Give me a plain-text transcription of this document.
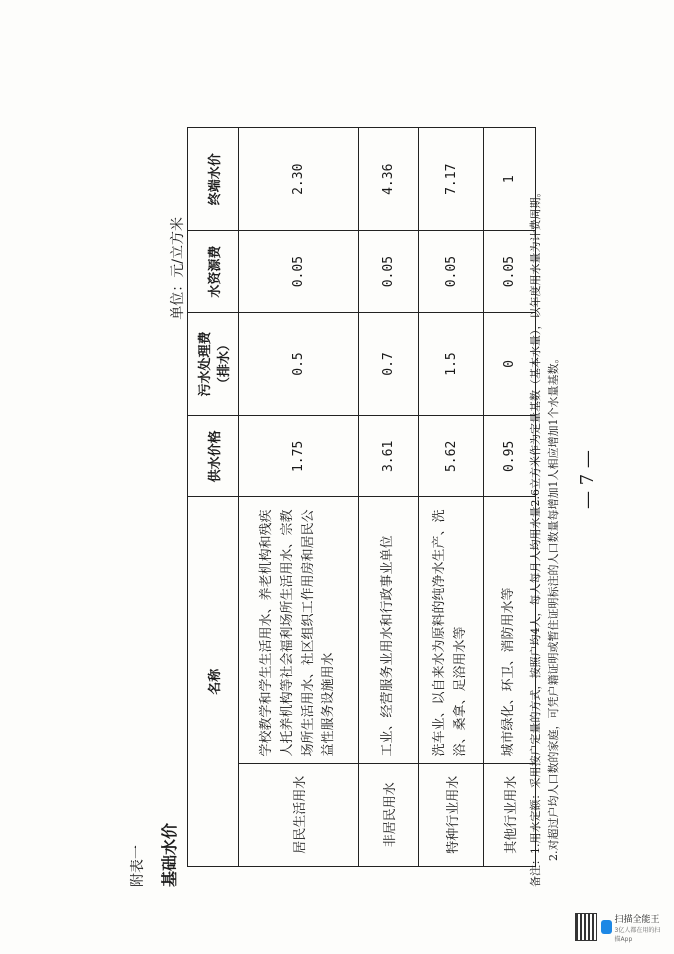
附表一 基础水价
单位：元/立方米
名称		供水价格	污水处理费（排水）	水资源费	终端水价
居民生活用水	学校教学和学生生活用水、养老机构和残疾人托养机构等社会福利场所生活用水、宗教场所生活用水、社区组织工作用房和居民公益性服务设施用水	1.75	0.5	0.05	2.30
非居民用水	工业、经营服务业用水和行政事业单位	3.61	0.7	0.05	4.36
特种行业用水	洗车业、以自来水为原料的纯净水生产、洗浴、桑拿、足浴用水等	5.62	1.5	0.05	7.17
其他行业用水	城市绿化、环卫、消防用水等	0.95	0	0.05	1
备注：1.用水定额：采用按户定量的方式，按照户均4人，每人每月人均用水量2.6立方米作为定量基数（基本水量），以年度用水量为计费周期。 2.对超过户均人口数的家庭，可凭户籍证明或暂住证明标注的人口数量每增加1人相应增加1个水量基数。 — 7 —
扫描全能王
3亿人都在用的扫描App
